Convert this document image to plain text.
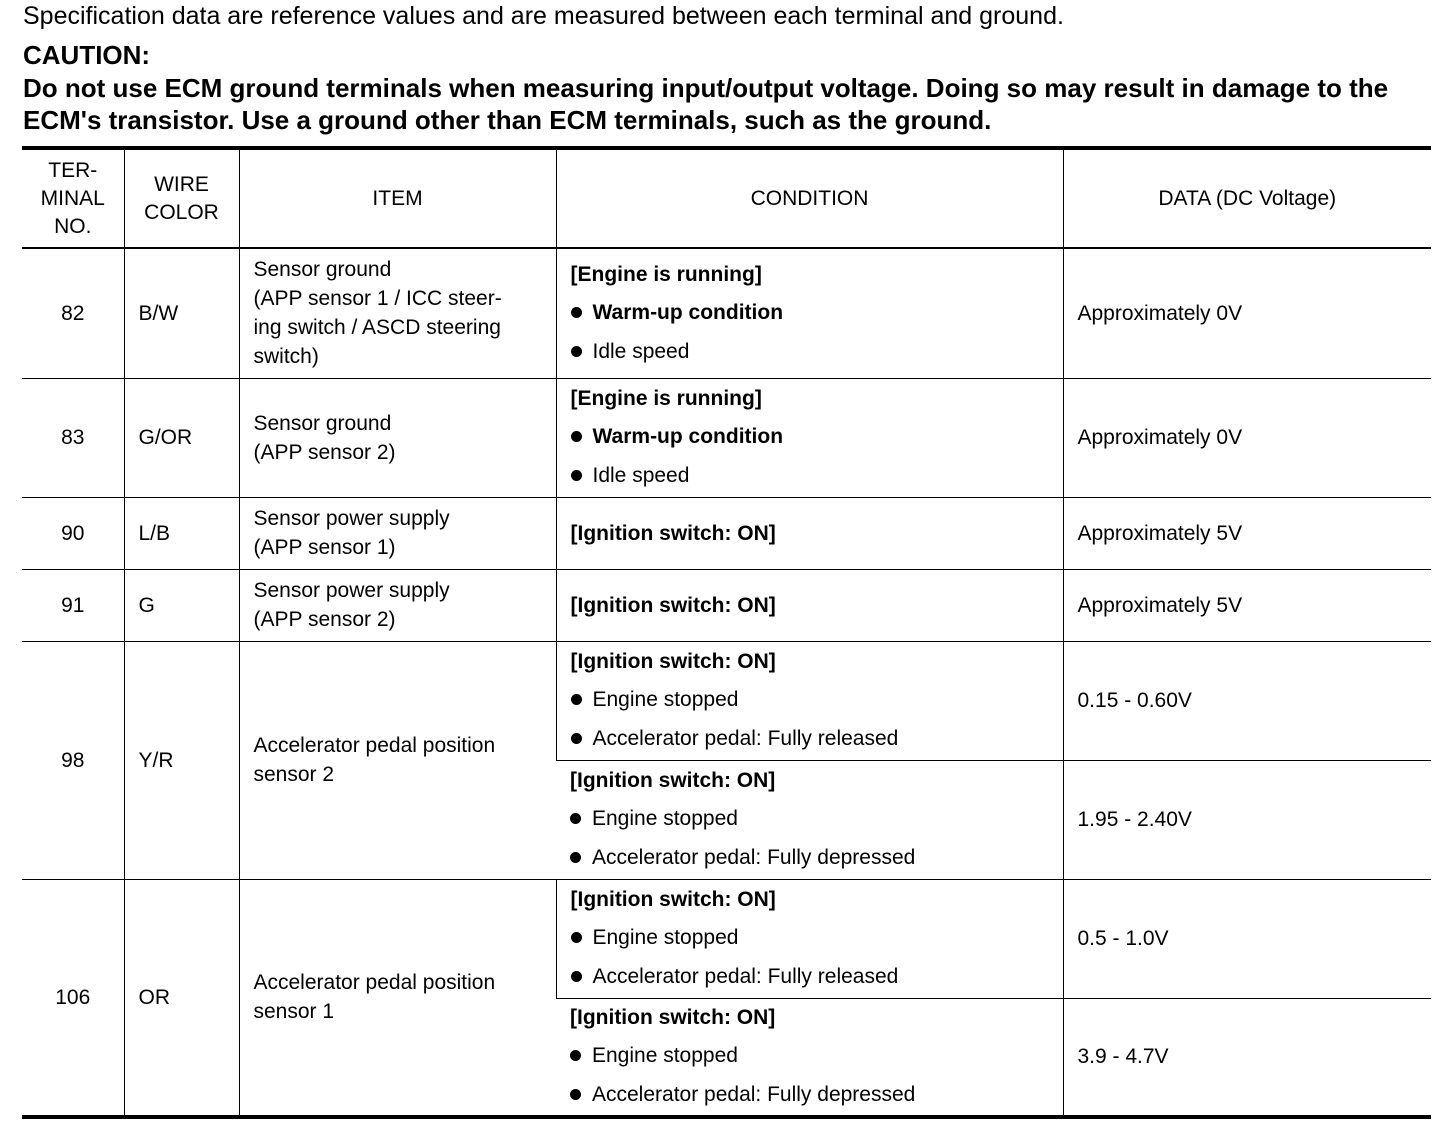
Specification data are reference values and are measured between each terminal and ground.
CAUTION:
Do not use ECM ground terminals when measuring input/output voltage. Doing so may result in damage to the ECM's transistor. Use a ground other than ECM terminals, such as the ground.
TER-
MINAL
NO.	WIRE
COLOR	ITEM	CONDITION	DATA (DC Voltage)
82	B/W	Sensor ground
(APP sensor 1 / ICC steer-
ing switch / ASCD steering
switch)	[Engine is running]
Warm-up condition
Idle speed	Approximately 0V
83	G/OR	Sensor ground
(APP sensor 2)	[Engine is running]
Warm-up condition
Idle speed	Approximately 0V
90	L/B	Sensor power supply
(APP sensor 1)	[Ignition switch: ON]	Approximately 5V
91	G	Sensor power supply
(APP sensor 2)	[Ignition switch: ON]	Approximately 5V
98	Y/R	Accelerator pedal position
sensor 2	[Ignition switch: ON]
Engine stopped
Accelerator pedal: Fully released	0.15 - 0.60V

			[Ignition switch: ON]
Engine stopped
Accelerator pedal: Fully depressed	1.95 - 2.40V
106	OR	Accelerator pedal position
sensor 1	[Ignition switch: ON]
Engine stopped
Accelerator pedal: Fully released	0.5 - 1.0V

			[Ignition switch: ON]
Engine stopped
Accelerator pedal: Fully depressed	3.9 - 4.7V
